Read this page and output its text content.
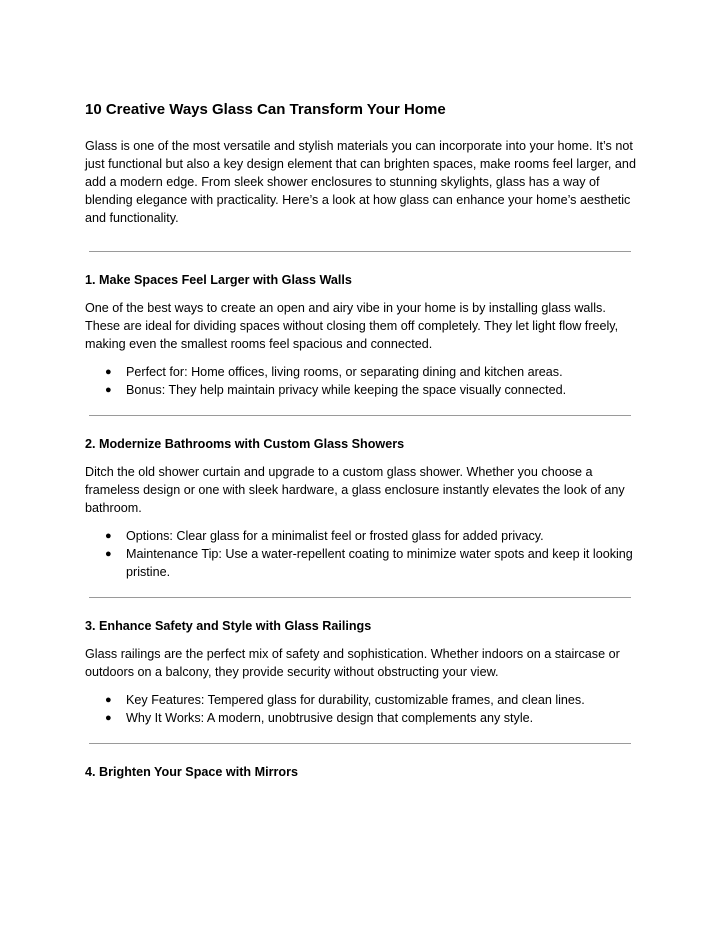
10 Creative Ways Glass Can Transform Your Home

Glass is one of the most versatile and stylish materials you can incorporate into your home. It’s not just functional but also a key design element that can brighten spaces, make rooms feel larger, and add a modern edge. From sleek shower enclosures to stunning skylights, glass has a way of blending elegance with practicality. Here’s a look at how glass can enhance your home’s aesthetic and functionality.

1. Make Spaces Feel Larger with Glass Walls

One of the best ways to create an open and airy vibe in your home is by installing glass walls. These are ideal for dividing spaces without closing them off completely. They let light flow freely, making even the smallest rooms feel spacious and connected.

● Perfect for: Home offices, living rooms, or separating dining and kitchen areas.
● Bonus: They help maintain privacy while keeping the space visually connected.
2. Modernize Bathrooms with Custom Glass Showers

Ditch the old shower curtain and upgrade to a custom glass shower. Whether you choose a frameless design or one with sleek hardware, a glass enclosure instantly elevates the look of any bathroom.

● Options: Clear glass for a minimalist feel or frosted glass for added privacy.
● Maintenance Tip: Use a water-repellent coating to minimize water spots and keep it looking pristine.
3. Enhance Safety and Style with Glass Railings

Glass railings are the perfect mix of safety and sophistication. Whether indoors on a staircase or outdoors on a balcony, they provide security without obstructing your view.

● Key Features: Tempered glass for durability, customizable frames, and clean lines.
● Why It Works: A modern, unobtrusive design that complements any style.
4. Brighten Your Space with Mirrors
